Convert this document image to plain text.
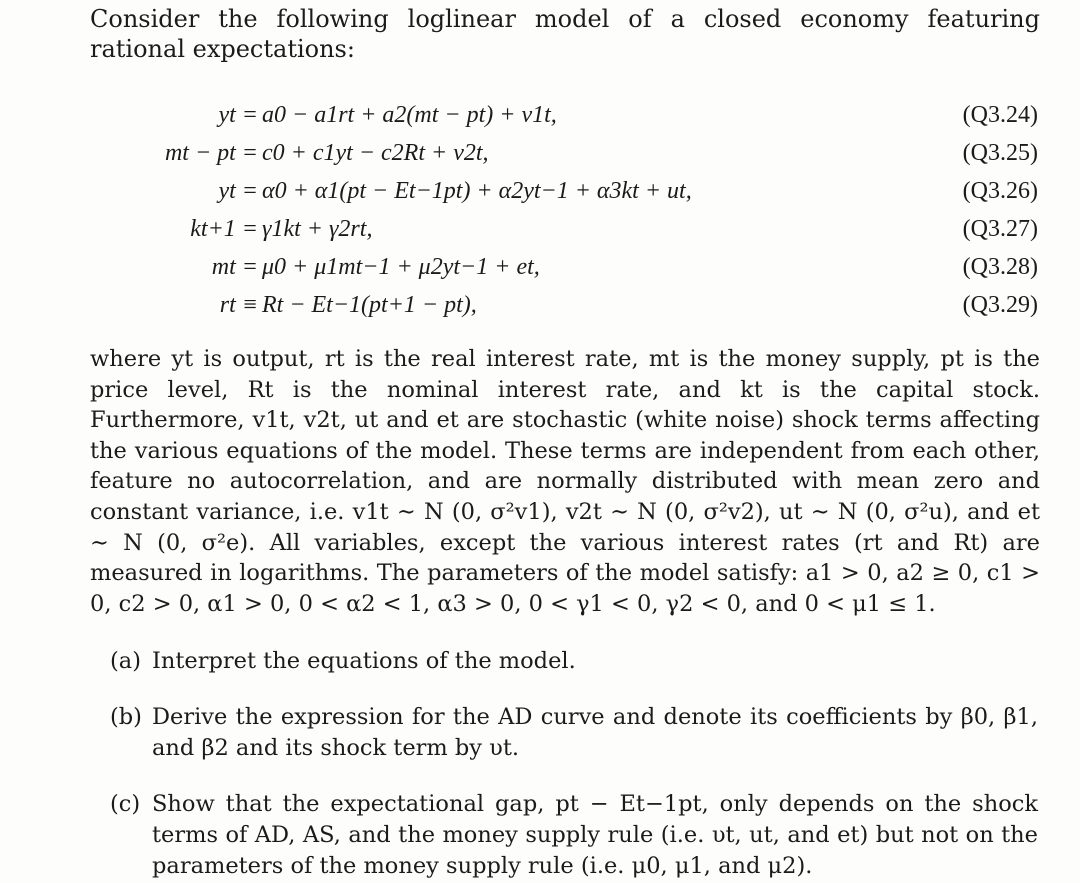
Consider the following loglinear model of a closed economy featuring rational expectations:
yt = a0 − a1rt + a2(mt − pt) + v1t,	(Q3.24)
mt − pt = c0 + c1yt − c2Rt + v2t,	(Q3.25)
yt = α0 + α1(pt − Et−1pt) + α2yt−1 + α3kt + ut,	(Q3.26)
kt+1 = γ1kt + γ2rt,	(Q3.27)
mt = μ0 + μ1mt−1 + μ2yt−1 + et,	(Q3.28)
rt ≡ Rt − Et−1(pt+1 − pt),	(Q3.29)
where yt is output, rt is the real interest rate, mt is the money supply, pt is the price level, Rt is the nominal interest rate, and kt is the capital stock. Furthermore, v1t, v2t, ut and et are stochastic (white noise) shock terms affecting the various equations of the model. These terms are independent from each other, feature no autocorrelation, and are normally distributed with mean zero and constant variance, i.e. v1t ∼ N (0, σ²v1), v2t ∼ N (0, σ²v2), ut ∼ N (0, σ²u), and et ∼ N (0, σ²e). All variables, except the various interest rates (rt and Rt) are measured in logarithms. The parameters of the model satisfy: a1 > 0, a2 ≥ 0, c1 > 0, c2 > 0, α1 > 0, 0 < α2 < 1, α3 > 0, 0 < γ1 < 0, γ2 < 0, and 0 < μ1 ≤ 1.
(a) Interpret the equations of the model.
(b) Derive the expression for the AD curve and denote its coefficients by β0, β1, and β2 and its shock term by υt.
(c) Show that the expectational gap, pt − Et−1pt, only depends on the shock terms of AD, AS, and the money supply rule (i.e. υt, ut, and et) but not on the parameters of the money supply rule (i.e. μ0, μ1, and μ2).
